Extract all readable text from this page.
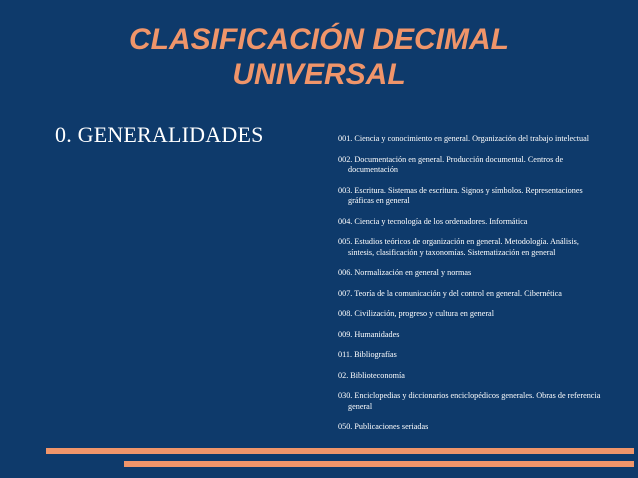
CLASIFICACIÓN DECIMAL
UNIVERSAL
0. GENERALIDADES	001. Ciencia y conocimiento en general. Organización del trabajo intelectual
002. Documentación en general. Producción documental. Centros de documentación
003. Escritura. Sistemas de escritura. Signos y símbolos. Representaciones gráficas en general
004. Ciencia y tecnología de los ordenadores. Informática
005. Estudios teóricos de organización en general. Metodología. Análisis, síntesis, clasificación y taxonomías. Sistematización en general
006. Normalización en general y normas
007. Teoría de la comunicación y del control en general. Cibernética
008. Civilización, progreso y cultura en general
009. Humanidades
011. Bibliografías
02. Biblioteconomía
030. Enciclopedias y diccionarios enciclopédicos generales. Obras de referencia general
050. Publicaciones seriadas
